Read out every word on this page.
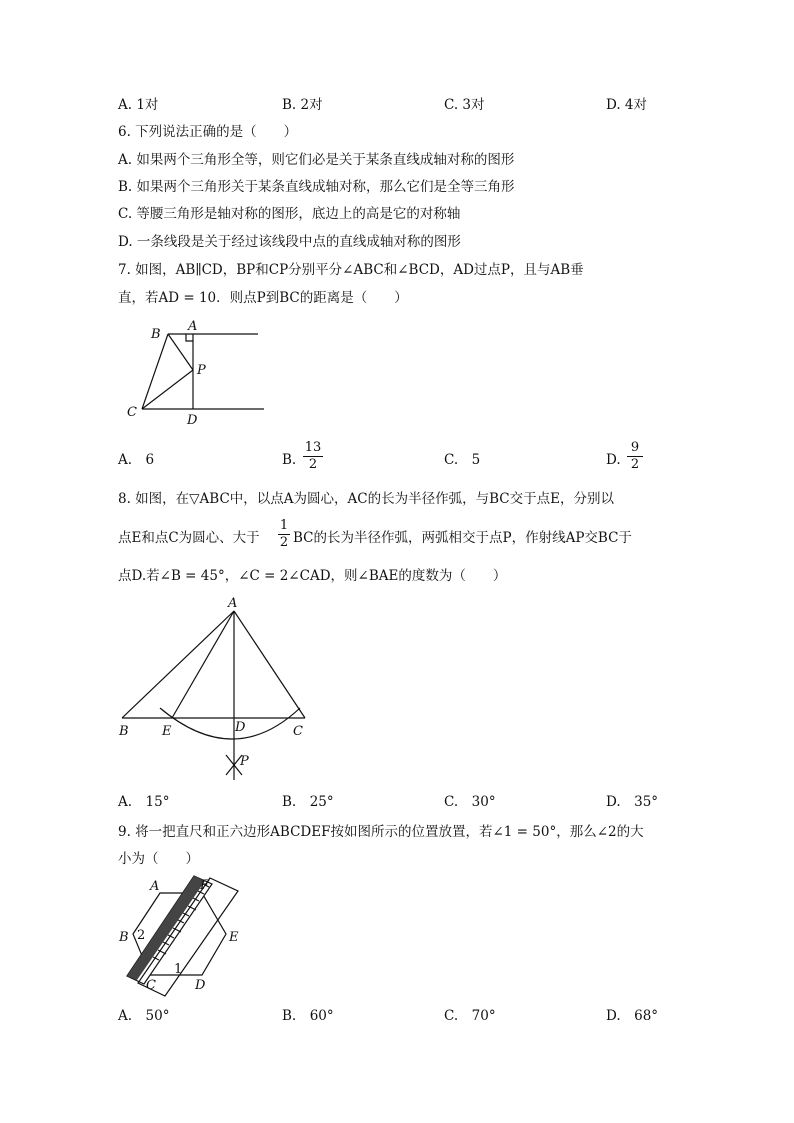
A. 1对	B. 2对	C. 3对	D. 4对
6. 下列说法正确的是（　　）
A. 如果两个三角形全等，则它们必是关于某条直线成轴对称的图形
B. 如果两个三角形关于某条直线成轴对称，那么它们是全等三角形
C. 等腰三角形是轴对称的图形，底边上的高是它的对称轴
D. 一条线段是关于经过该线段中点的直线成轴对称的图形
7. 如图，AB∥CD，BP和CP分别平分∠ABC和∠BCD，AD过点P，且与AB垂
直，若AD = 10．则点P到BC的距离是（　　）
B
A
P
C
D
A.　6	B. $\frac{13}{2}$	C.　5	D. $\frac{9}{2}$
8. 如图，在▽ABC中，以点A为圆心，AC的长为半径作弧，与BC交于点E，分别以
点E和点C为圆心、大于 $\frac{1}{2}$ BC的长为半径作弧，两弧相交于点P，作射线AP交BC于
点D.若∠B = 45°，∠C = 2∠CAD，则∠BAE的度数为（　　）
A
B	E	D	C
P
A.　15°	B.　25°	C.　30°	D.　35°
9. 将一把直尺和正六边形ABCDEF按如图所示的位置放置，若∠1 = 50°，那么∠2的大
小为（　　）
A	F
B	E
C	D
1
2
A.　50°	B.　60°	C.　70°	D.　68°
